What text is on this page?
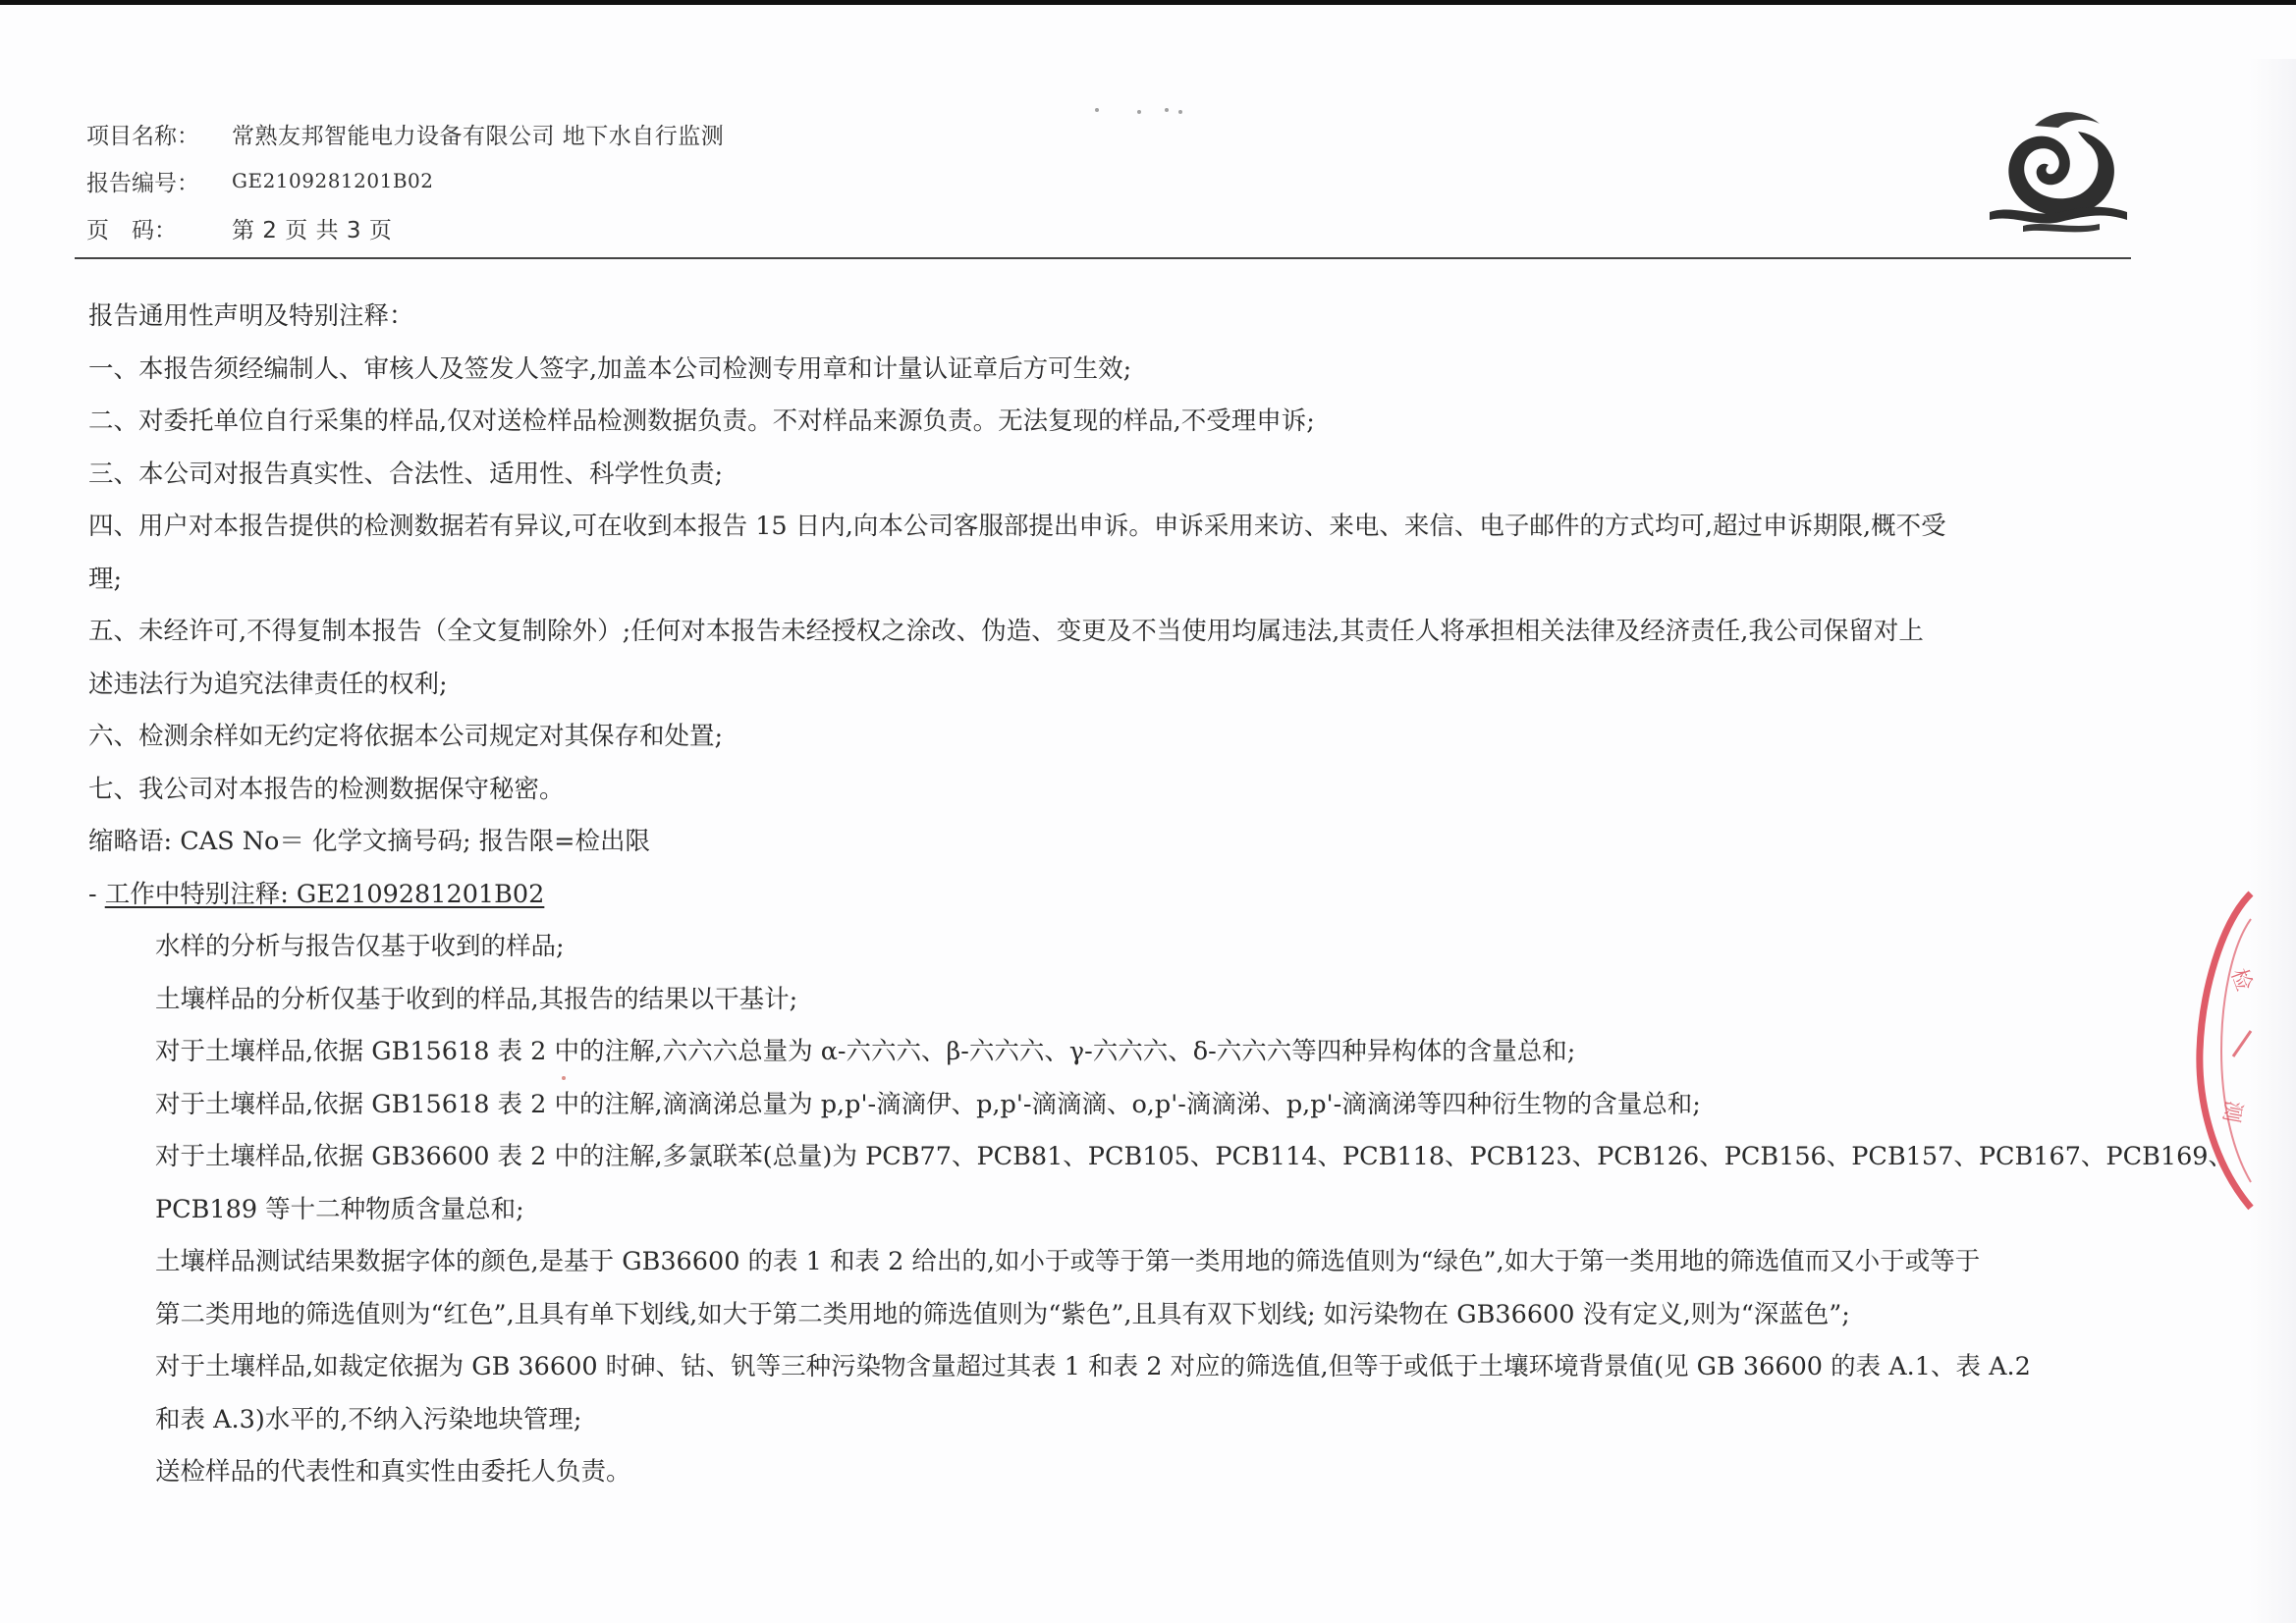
项目名称：	常熟友邦智能电力设备有限公司 地下水自行监测
报告编号：	GE2109281201B02
页　码：	第 2 页 共 3 页
报告通用性声明及特别注释：
一、本报告须经编制人、审核人及签发人签字,加盖本公司检测专用章和计量认证章后方可生效;
二、对委托单位自行采集的样品,仅对送检样品检测数据负责。不对样品来源负责。无法复现的样品,不受理申诉;
三、本公司对报告真实性、合法性、适用性、科学性负责;
四、用户对本报告提供的检测数据若有异议,可在收到本报告 15 日内,向本公司客服部提出申诉。申诉采用来访、来电、来信、电子邮件的方式均可,超过申诉期限,概不受
理;
五、未经许可,不得复制本报告（全文复制除外）;任何对本报告未经授权之涂改、伪造、变更及不当使用均属违法,其责任人将承担相关法律及经济责任,我公司保留对上
述违法行为追究法律责任的权利;
六、检测余样如无约定将依据本公司规定对其保存和处置;
七、我公司对本报告的检测数据保守秘密。
缩略语: CAS No＝ 化学文摘号码; 报告限=检出限
- 工作中特别注释: GE2109281201B02
水样的分析与报告仅基于收到的样品;
土壤样品的分析仅基于收到的样品,其报告的结果以干基计;
对于土壤样品,依据 GB15618 表 2 中的注解,六六六总量为 α-六六六、β-六六六、γ-六六六、δ-六六六等四种异构体的含量总和;
对于土壤样品,依据 GB15618 表 2 中的注解,滴滴涕总量为 p,p'-滴滴伊、p,p'-滴滴滴、o,p'-滴滴涕、p,p'-滴滴涕等四种衍生物的含量总和;
对于土壤样品,依据 GB36600 表 2 中的注解,多氯联苯(总量)为 PCB77、PCB81、PCB105、PCB114、PCB118、PCB123、PCB126、PCB156、PCB157、PCB167、PCB169、
PCB189 等十二种物质含量总和;
土壤样品测试结果数据字体的颜色,是基于 GB36600 的表 1 和表 2 给出的,如小于或等于第一类用地的筛选值则为“绿色”,如大于第一类用地的筛选值而又小于或等于
第二类用地的筛选值则为“红色”,且具有单下划线,如大于第二类用地的筛选值则为“紫色”,且具有双下划线; 如污染物在 GB36600 没有定义,则为“深蓝色”;
对于土壤样品,如裁定依据为 GB 36600 时砷、钴、钒等三种污染物含量超过其表 1 和表 2 对应的筛选值,但等于或低于土壤环境背景值(见 GB 36600 的表 A.1、表 A.2
和表 A.3)水平的,不纳入污染地块管理;
送检样品的代表性和真实性由委托人负责。
检
测
